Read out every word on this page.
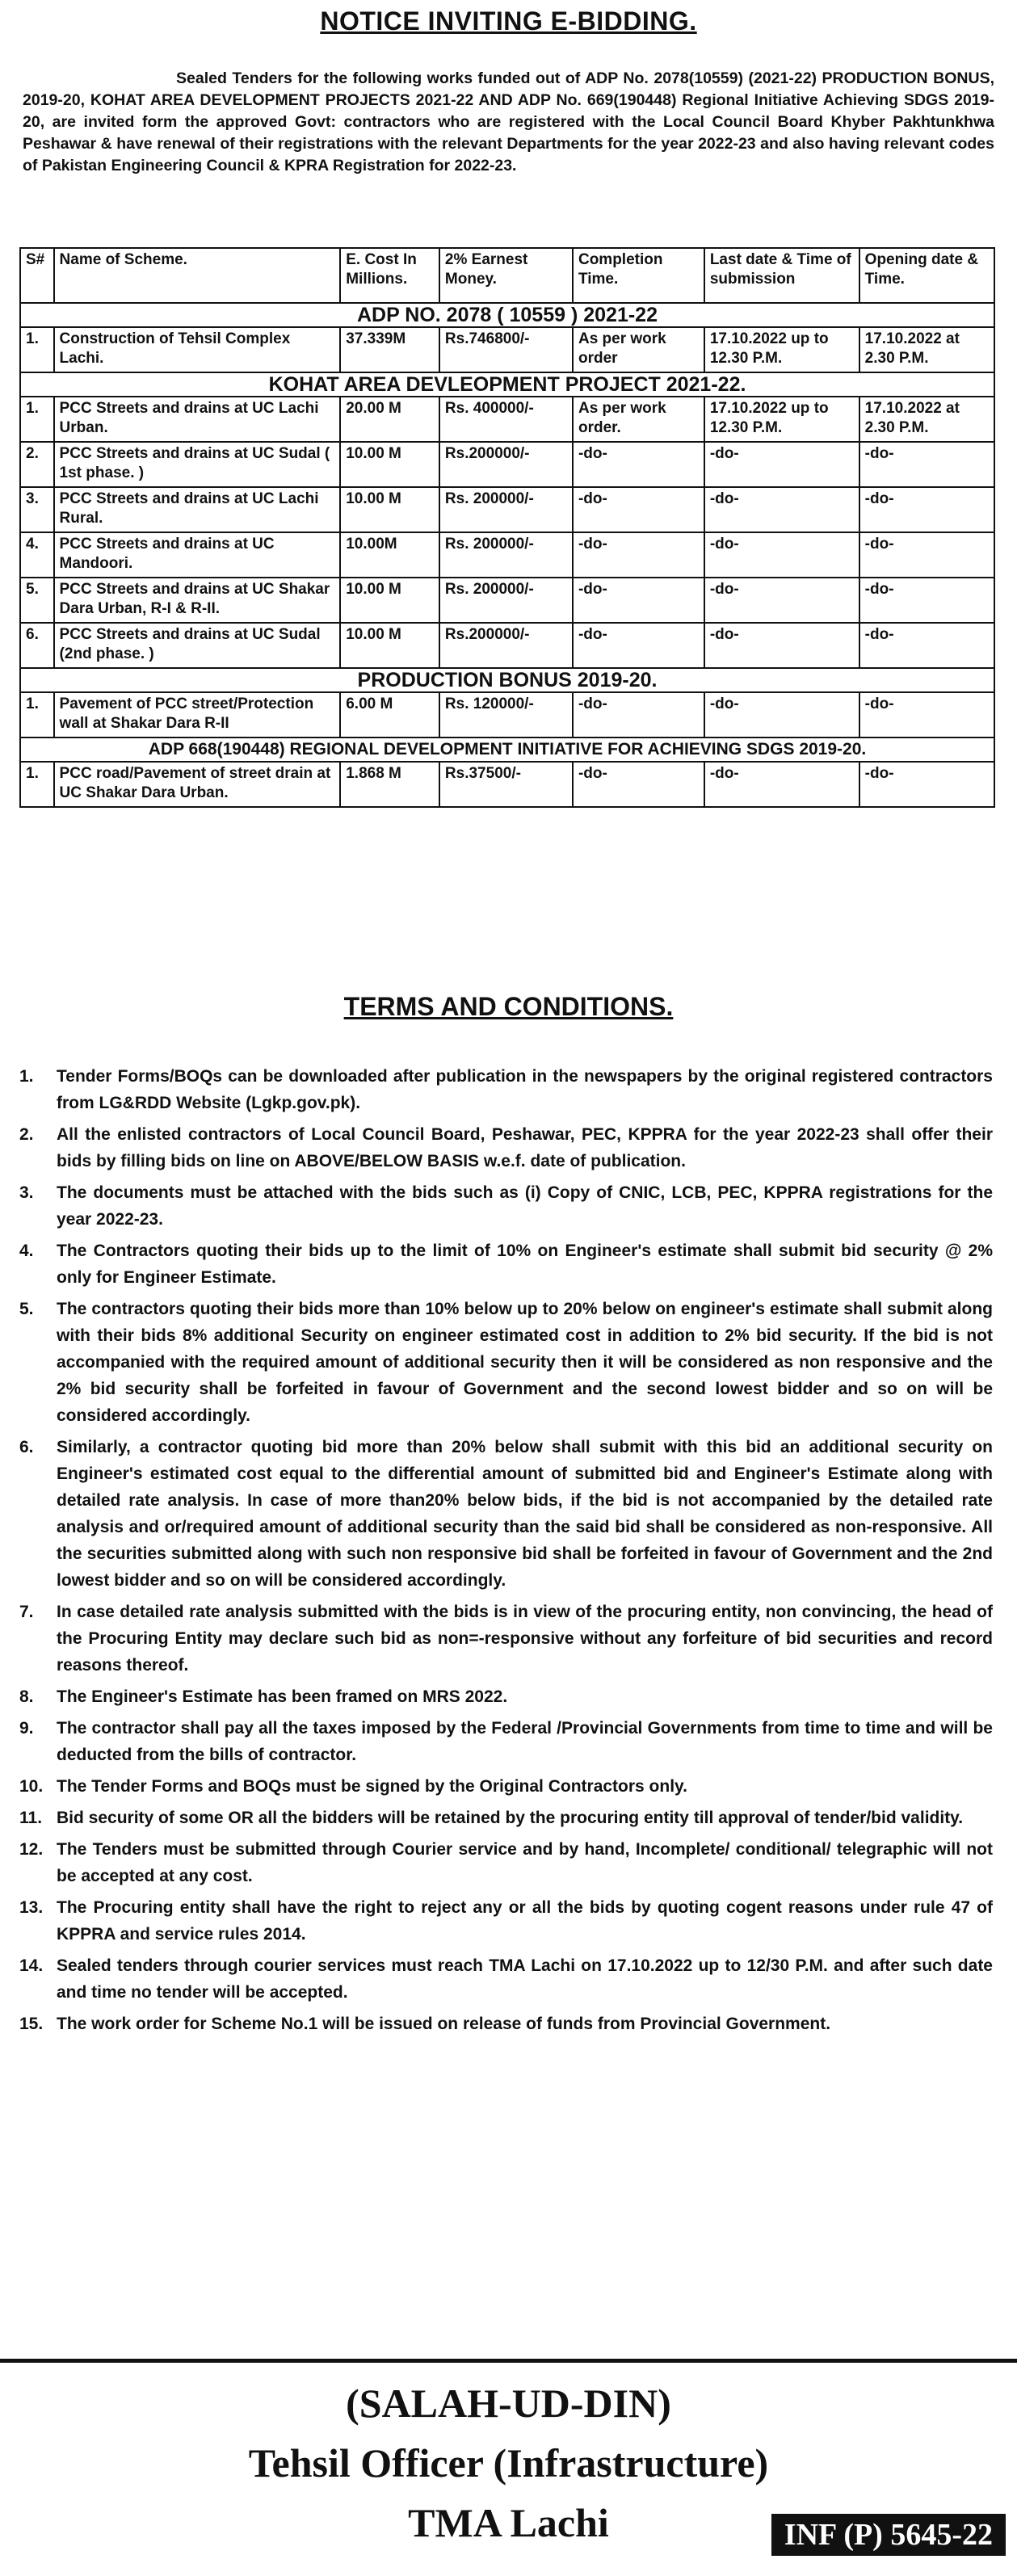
NOTICE INVITING E-BIDDING.
Sealed Tenders for the following works funded out of ADP No. 2078(10559) (2021-22) PRODUCTION BONUS, 2019-20, KOHAT AREA DEVELOPMENT PROJECTS 2021-22 AND ADP No. 669(190448) Regional Initiative Achieving SDGS 2019-20, are invited form the approved Govt: contractors who are registered with the Local Council Board Khyber Pakhtunkhwa Peshawar & have renewal of their registrations with the relevant Departments for the year 2022-23 and also having relevant codes of Pakistan Engineering Council & KPRA Registration for 2022-23.
S#	Name of Scheme.	E. Cost In Millions.	2% Earnest Money.	Completion Time.	Last date & Time of submission	Opening date & Time.
ADP NO. 2078 ( 10559 ) 2021-22						
1.	Construction of Tehsil Complex Lachi.	37.339M	Rs.746800/-	As per work order	17.10.2022 up to 12.30 P.M.	17.10.2022 at 2.30 P.M.
KOHAT AREA DEVLEOPMENT PROJECT 2021-22.						
1.	PCC Streets and drains at UC Lachi Urban.	20.00 M	Rs. 400000/-	As per work order.	17.10.2022 up to 12.30 P.M.	17.10.2022 at 2.30 P.M.
2.	PCC Streets and drains at UC Sudal ( 1st phase. )	10.00 M	Rs.200000/-	-do-	-do-	-do-
3.	PCC Streets and drains at UC Lachi Rural.	10.00 M	Rs. 200000/-	-do-	-do-	-do-
4.	PCC Streets and drains at UC Mandoori.	10.00M	Rs. 200000/-	-do-	-do-	-do-
5.	PCC Streets and drains at UC Shakar Dara Urban, R-I & R-II.	10.00 M	Rs. 200000/-	-do-	-do-	-do-
6.	PCC Streets and drains at UC Sudal (2nd phase. )	10.00 M	Rs.200000/-	-do-	-do-	-do-
PRODUCTION BONUS 2019-20.						
1.	Pavement of PCC street/Protection wall at Shakar Dara R-II	6.00 M	Rs. 120000/-	-do-	-do-	-do-
ADP 668(190448) REGIONAL DEVELOPMENT INITIATIVE FOR ACHIEVING SDGS 2019-20.						
1.	PCC road/Pavement of street drain at UC Shakar Dara Urban.	1.868 M	Rs.37500/-	-do-	-do-	-do-
TERMS AND CONDITIONS.
1. Tender Forms/BOQs can be downloaded after publication in the newspapers by the original registered contractors from LG&RDD Website (Lgkp.gov.pk).
2. All the enlisted contractors of Local Council Board, Peshawar, PEC, KPPRA for the year 2022-23 shall offer their bids by filling bids on line on ABOVE/BELOW BASIS w.e.f. date of publication.
3. The documents must be attached with the bids such as (i) Copy of CNIC, LCB, PEC, KPPRA registrations for the year 2022-23.
4. The Contractors quoting their bids up to the limit of 10% on Engineer's estimate shall submit bid security @ 2% only for Engineer Estimate.
5. The contractors quoting their bids more than 10% below up to 20% below on engineer's estimate shall submit along with their bids 8% additional Security on engineer estimated cost in addition to 2% bid security. If the bid is not accompanied with the required amount of additional security then it will be considered as non responsive and the 2% bid security shall be forfeited in favour of Government and the second lowest bidder and so on will be considered accordingly.
6. Similarly, a contractor quoting bid more than 20% below shall submit with this bid an additional security on Engineer's estimated cost equal to the differential amount of submitted bid and Engineer's Estimate along with detailed rate analysis. In case of more than20% below bids, if the bid is not accompanied by the detailed rate analysis and or/required amount of additional security than the said bid shall be considered as non-responsive. All the securities submitted along with such non responsive bid shall be forfeited in favour of Government and the 2nd lowest bidder and so on will be considered accordingly.
7. In case detailed rate analysis submitted with the bids is in view of the procuring entity, non convincing, the head of the Procuring Entity may declare such bid as non=-responsive without any forfeiture of bid securities and record reasons thereof.
8. The Engineer's Estimate has been framed on MRS 2022.
9. The contractor shall pay all the taxes imposed by the Federal /Provincial Governments from time to time and will be deducted from the bills of contractor.
10. The Tender Forms and BOQs must be signed by the Original Contractors only.
11. Bid security of some OR all the bidders will be retained by the procuring entity till approval of tender/bid validity.
12. The Tenders must be submitted through Courier service and by hand, Incomplete/ conditional/ telegraphic will not be accepted at any cost.
13. The Procuring entity shall have the right to reject any or all the bids by quoting cogent reasons under rule 47 of KPPRA and service rules 2014.
14. Sealed tenders through courier services must reach TMA Lachi on 17.10.2022 up to 12/30 P.M. and after such date and time no tender will be accepted.
15. The work order for Scheme No.1 will be issued on release of funds from Provincial Government.
(SALAH-UD-DIN)
Tehsil Officer (Infrastructure)
TMA Lachi	INF (P) 5645-22
